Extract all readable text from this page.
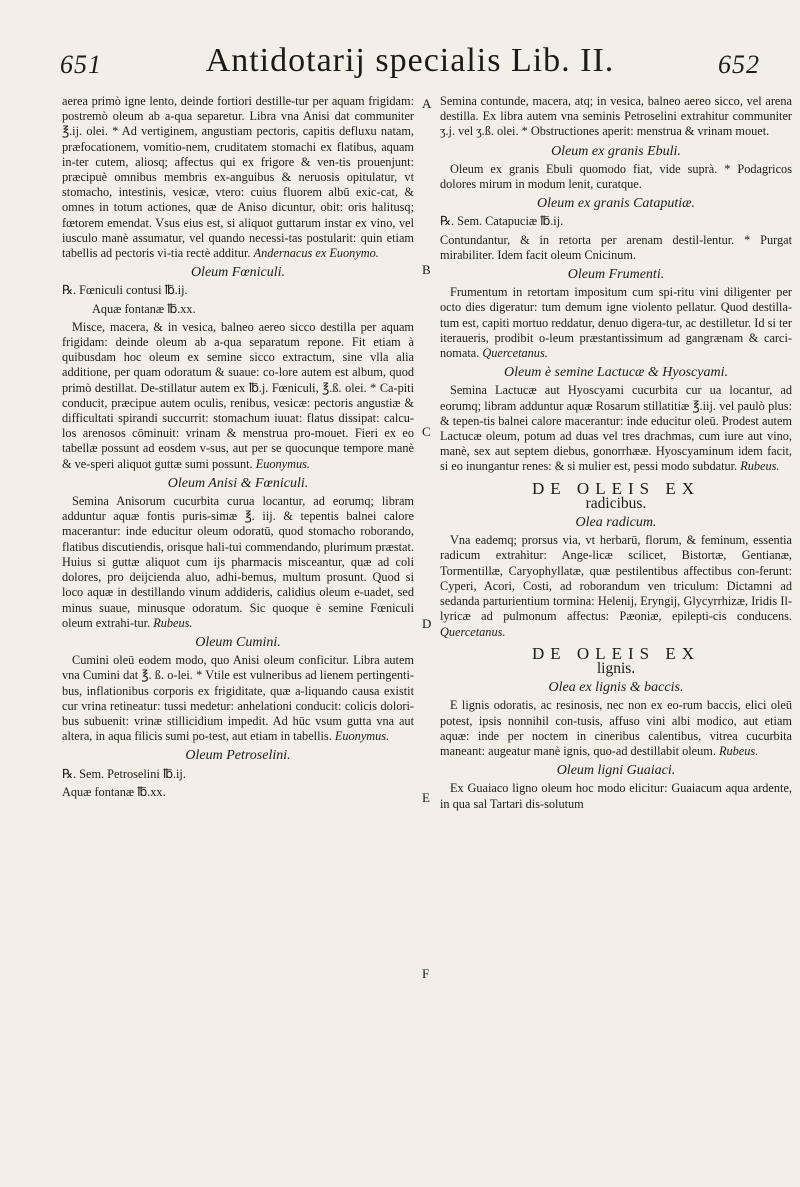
651	Antidotarij specialis Lib. II.	652
A
B
C
D
E
F

aerea primò igne lento, deinde fortiori destille-tur per aquam frigidam: postremò oleum ab a-qua separetur. Libra vna Anisi dat communiter ℥.ij. olei. * Ad vertiginem, angustiam pectoris, capitis defluxu natam, præfocationem, vomitio-nem, cruditatem stomachi ex flatibus, aquam in-ter cutem, aliosq; affectus qui ex frigore & ven-tis prouenjunt: præcipuè omnibus membris ex-anguibus & neruosis opitulatur, vt stomacho, intestinis, vesicæ, vtero: cuius fluorem albū exic-cat, & omnes in totum actiones, quæ de Aniso dicuntur, obit: oris halitusq; fœtorem emendat. Vsus eius est, si aliquot guttarum instar ex vino, vel iusculo manè assumatur, vel quando necessi-tas postularit: quin etiam tabellis ad pectoris vi-tia rectè additur. Andernacus ex Euonymo.

Oleum Fœniculi.

℞. Fœniculi contusi ℔.ij.

Aquæ fontanæ ℔.xx.

Misce, macera, & in vesica, balneo aereo sicco destilla per aquam frigidam: deinde oleum ab a-qua separatum repone. Fit etiam à quibusdam hoc oleum ex semine sicco extractum, sine vlla alia additione, per quam odoratum & suaue: co-lore autem est album, quod primò destillat. De-stillatur autem ex ℔.j. Fœniculi, ℥.ß. olei. * Ca-piti conducit, præcipue autem oculis, renibus, vesicæ: pectoris angustiæ & difficultati spirandi succurrit: stomachum iuuat: flatus dissipat: calcu-los arenosos cōminuit: vrinam & menstrua pro-mouet. Fieri ex eo tabellæ possunt ad eosdem v-sus, aut per se quocunque tempore manè & ve-speri aliquot guttæ sumi possunt. Euonymus.

Oleum Anisi & Fœniculi.

Semina Anisorum cucurbita curua locantur, ad eorumq; libram adduntur aquæ fontis puris-simæ ℥. iij. & tepentis balnei calore macerantur: inde educitur oleum odoratū, quod stomacho roborando, flatibus discutiendis, orisque hali-tui commendando, plurimum præstat. Huius si guttæ aliquot cum ijs pharmacis misceantur, quæ ad coli dolores, pro deijcienda aluo, adhi-bemus, multum prosunt. Quod si loco aquæ in destillando vinum addideris, calidius oleum e-uadet, sed minus suaue, minusque odoratum. Sic quoque è semine Fœniculi oleum extrahi-tur. Rubeus.

Oleum Cumini.

Cumini oleū eodem modo, quo Anisi oleum conficitur. Libra autem vna Cumini dat ℥. ß. o-lei. * Vtile est vulneribus ad lienem pertingenti-bus, inflationibus corporis ex frigiditate, quæ a-liquando causa existit cur vrina retineatur: tussi medetur: anhelationi conducit: colicis dolori-bus subuenit: vrinæ stillicidium impedit. Ad hūc vsum gutta vna aut altera, in aqua filicis sumi po-test, aut etiam in tabellis. Euonymus.

Oleum Petroselini.

℞. Sem. Petroselini ℔.ij.

Aquæ fontanæ ℔.xx.

Semina contunde, macera, atq; in vesica, balneo aereo sicco, vel arena destilla. Ex libra autem vna seminis Petroselini extrahitur communiter ʒ.j. vel ʒ.ß. olei. * Obstructiones aperit: menstrua & vrinam mouet.

Oleum ex granis Ebuli.

Oleum ex granis Ebuli quomodo fiat, vide suprà. * Podagricos dolores mirum in modum lenit, curatque.

Oleum ex granis Cataputiæ.

℞. Sem. Catapuciæ ℔.ij.

Contundantur, & in retorta per arenam destil-lentur. * Purgat mirabiliter. Idem facit oleum Cnicinum.

Oleum Frumenti.

Frumentum in retortam impositum cum spi-ritu vini diligenter per octo dies digeratur: tum demum igne violento pellatur. Quod destilla-tum est, capiti mortuo reddatur, denuo digera-tur, ac destilletur. Id si ter iteraueris, prodibit o-leum præstantissimum ad gangrænam & carci-nomata. Quercetanus.

Oleum è semine Lactucæ & Hyoscyami.

Semina Lactucæ aut Hyoscyami cucurbita cur ua locantur, ad eorumq; libram adduntur aquæ Rosarum stillatitiæ ℥.iij. vel paulò plus: & tepen-tis balnei calore macerantur: inde educitur oleū. Prodest autem Lactucæ oleum, potum ad duas vel tres drachmas, cum iure aut vino, manè, sex aut septem diebus, gonorrhææ. Hyoscyaminum idem facit, si eo inungantur renes: & si mulier est, pessi modo subdatur. Rubeus.

DE OLEIS EX
radicibus.
Olea radicum.

Vna eademq; prorsus via, vt herbarū, florum, & feminum, essentia radicum extrahitur: Ange-licæ scilicet, Bistortæ, Gentianæ, Tormentillæ, Caryophyllatæ, quæ pestilentibus affectibus con-ferunt: Cyperi, Acori, Costi, ad roborandum ven triculum: Dictamni ad sedanda parturientium tormina: Helenij, Eryngij, Glycyrrhizæ, Iridis Il-lyricæ ad pulmonum affectus: Pæoniæ, epilepti-cis conducens. Quercetanus.

DE OLEIS EX
lignis.
Olea ex lignis & baccis.

E lignis odoratis, ac resinosis, nec non ex eo-rum baccis, elici oleū potest, ipsis nonnihil con-tusis, affuso vini albi modico, aut etiam aquæ: inde per noctem in cineribus calentibus, vitrea cucurbita maneant: augeatur manè ignis, quo-ad destillabit oleum. Rubeus.

Oleum ligni Guaiaci.

Ex Guaiaco ligno oleum hoc modo elicitur: Guaiacum aqua ardente, in qua sal Tartari dis-solutum
